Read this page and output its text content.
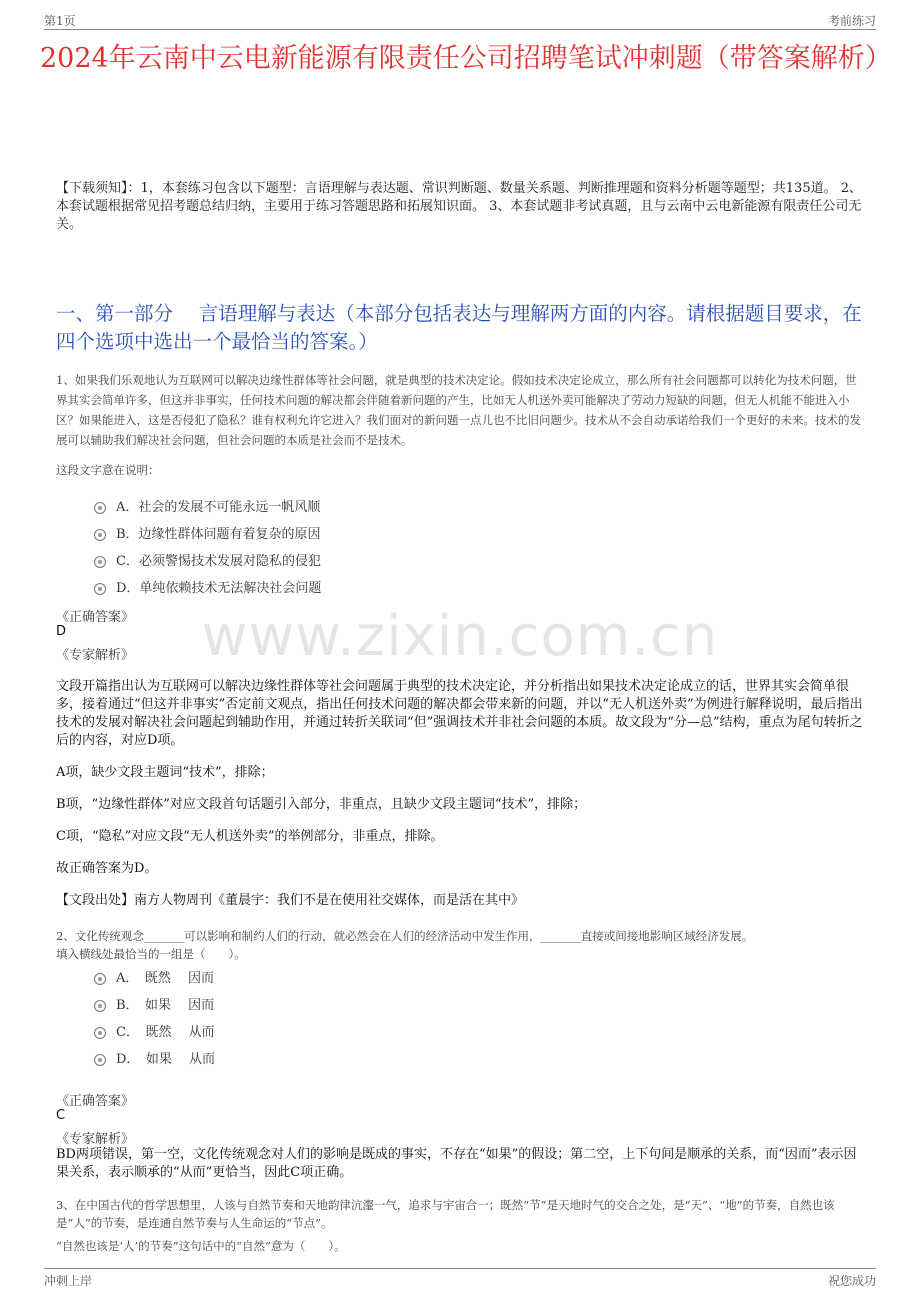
第1页	考前练习
2024年云南中云电新能源有限责任公司招聘笔试冲刺题（带答案解析）
【下载须知】：1，本套练习包含以下题型：言语理解与表达题、常识判断题、数量关系题、判断推理题和资料分析题等题型；共135道。 2、本套试题根据常见招考题总结归纳，主要用于练习答题思路和拓展知识面。 3、本套试题非考试真题，且与云南中云电新能源有限责任公司无关。
一、第一部分　 言语理解与表达（本部分包括表达与理解两方面的内容。请根据题目要求，在四个选项中选出一个最恰当的答案。）
www.zixin.com.cn
1、如果我们乐观地认为互联网可以解决边缘性群体等社会问题，就是典型的技术决定论。假如技术决定论成立，那么所有社会问题都可以转化为技术问题，世界其实会简单许多，但这并非事实，任何技术问题的解决都会伴随着新问题的产生，比如无人机送外卖可能解决了劳动力短缺的问题，但无人机能不能进入小区？如果能进入，这是否侵犯了隐私？谁有权利允许它进入？我们面对的新问题一点儿也不比旧问题少。技术从不会自动承诺给我们一个更好的未来。技术的发展可以辅助我们解决社会问题，但社会问题的本质是社会而不是技术。
这段文字意在说明：
A．社会的发展不可能永远一帆风顺
B．边缘性群体问题有着复杂的原因
C．必须警惕技术发展对隐私的侵犯
D．单纯依赖技术无法解决社会问题
《正确答案》
D
《专家解析》
文段开篇指出认为互联网可以解决边缘性群体等社会问题属于典型的技术决定论，并分析指出如果技术决定论成立的话，世界其实会简单很多，接着通过“但这并非事实”否定前文观点，指出任何技术问题的解决都会带来新的问题，并以“无人机送外卖”为例进行解释说明，最后指出技术的发展对解决社会问题起到辅助作用，并通过转折关联词“但”强调技术并非社会问题的本质。故文段为“分—总”结构，重点为尾句转折之后的内容，对应D项。
A项，缺少文段主题词“技术”，排除；
B项，“边缘性群体”对应文段首句话题引入部分，非重点，且缺少文段主题词“技术”，排除；
C项，“隐私”对应文段“无人机送外卖”的举例部分，非重点，排除。
故正确答案为D。
【文段出处】南方人物周刊《董晨宇：我们不是在使用社交媒体，而是活在其中》
2、文化传统观念_______可以影响和制约人们的行动，就必然会在人们的经济活动中发生作用，_______直接或间接地影响区域经济发展。
填入横线处最恰当的一组是（　　）。
A．　既然　 因而
B．　如果　 因而
C．　既然　 从而
D．　如果　 从而
《正确答案》
C
《专家解析》
BD两项错误，第一空，文化传统观念对人们的影响是既成的事实，不存在“如果”的假设；第二空，上下句间是顺承的关系，而“因而”表示因果关系，表示顺承的“从而”更恰当，因此C项正确。
3、在中国古代的哲学思想里，人该与自然节奏和天地韵律沆瀣一气，追求与宇宙合一；既然“节”是天地时气的交合之处，是“天”、“地”的节奏，自然也该是“人”的节奏，是连通自然节奏与人生命运的“节点”。
“自然也该是‘人’的节奏”这句话中的“自然”意为（　　）。
冲刺上岸	祝您成功
